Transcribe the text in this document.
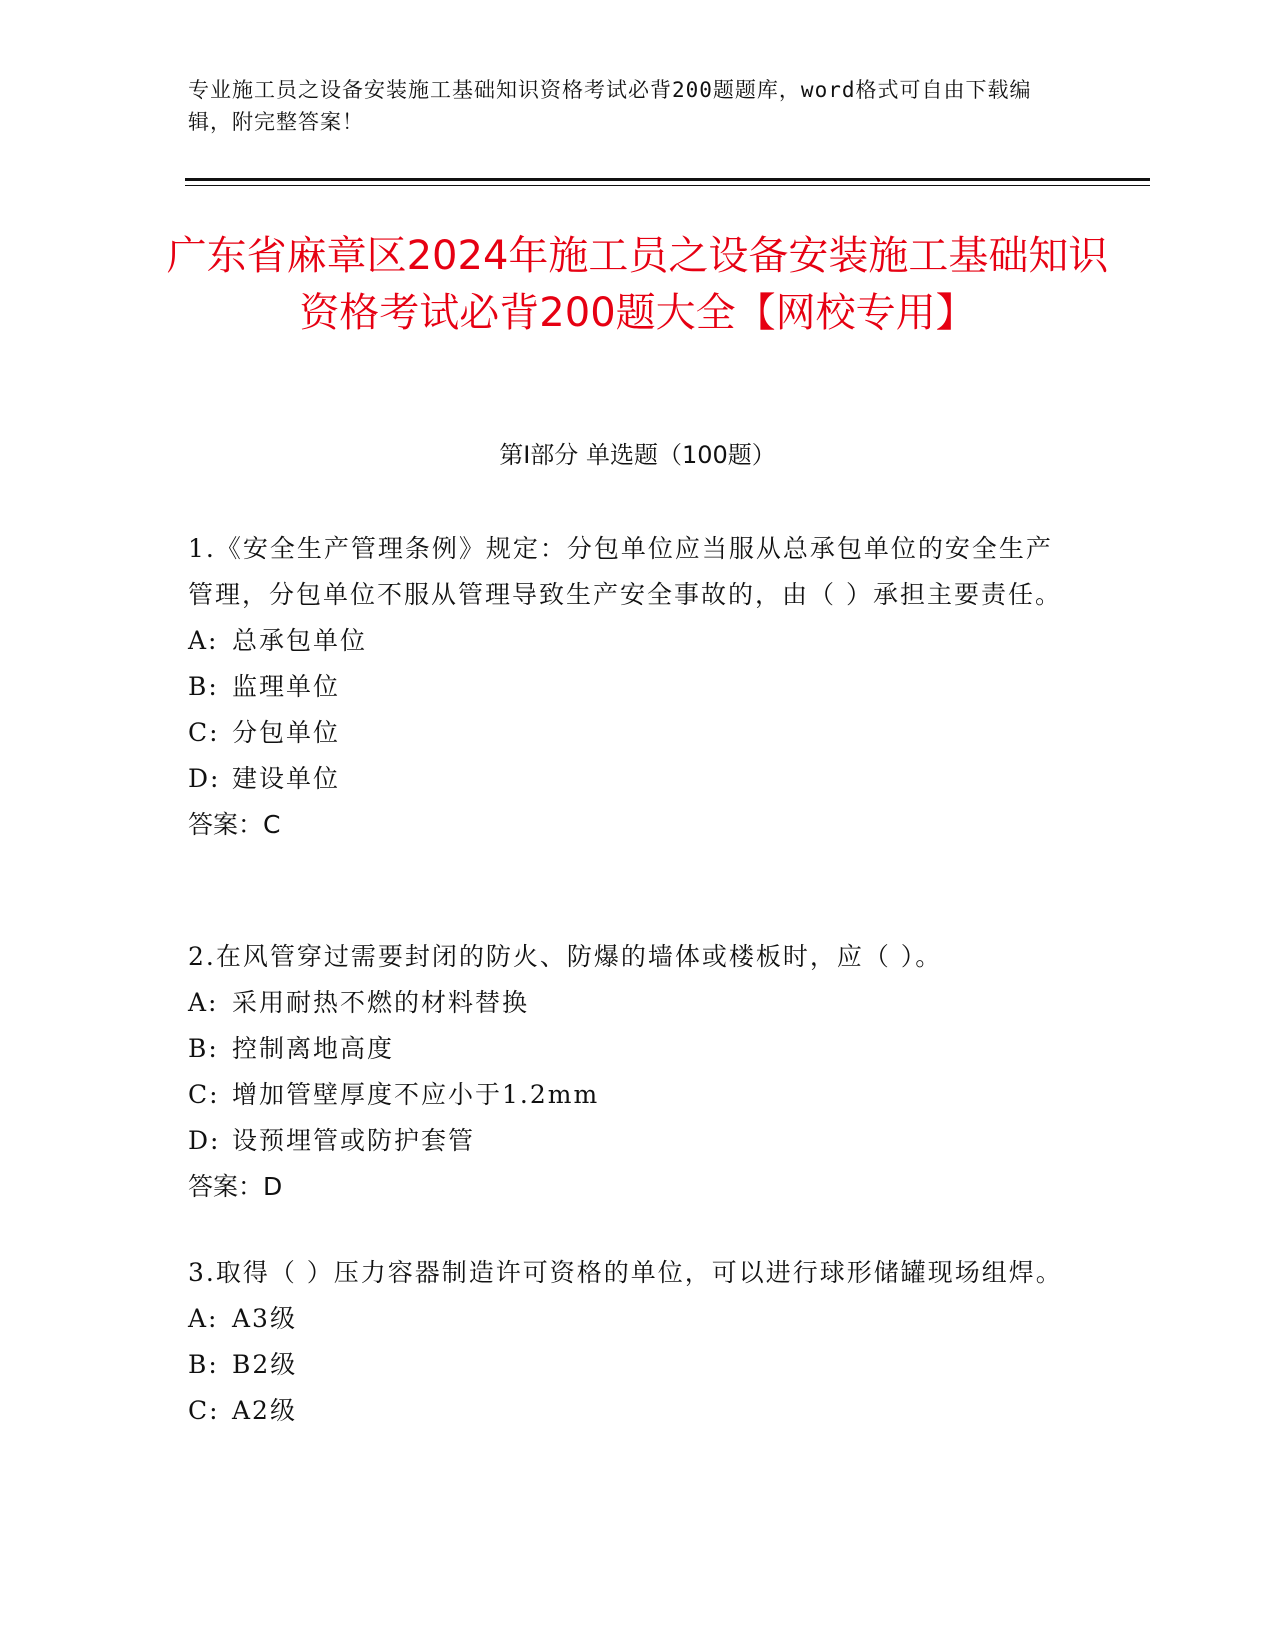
专业施工员之设备安装施工基础知识资格考试必背200题题库，word格式可自由下载编辑，附完整答案！
广东省麻章区2024年施工员之设备安装施工基础知识资格考试必背200题大全【网校专用】
第Ⅰ部分 单选题（100题）

1.《安全生产管理条例》规定：分包单位应当服从总承包单位的安全生产管理，分包单位不服从管理导致生产安全事故的，由（ ）承担主要责任。

A: 总承包单位

B: 监理单位

C: 分包单位

D: 建设单位

答案：C

2.在风管穿过需要封闭的防火、防爆的墙体或楼板时，应（ ）。

A: 采用耐热不燃的材料替换

B: 控制离地高度

C: 增加管壁厚度不应小于1.2mm

D: 设预埋管或防护套管

答案：D

3.取得（ ）压力容器制造许可资格的单位，可以进行球形储罐现场组焊。

A: A3级

B: B2级

C: A2级
